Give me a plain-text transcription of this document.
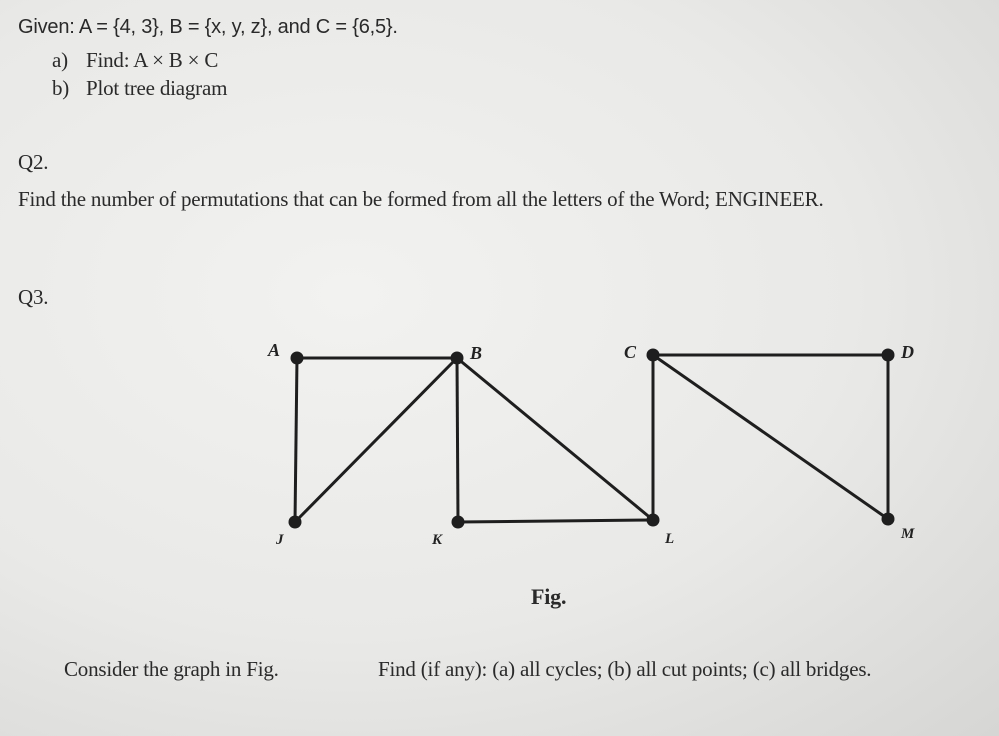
Given: A = {4, 3}, B = {x, y, z}, and C = {6,5}.
a) Find: A × B × C
b) Plot tree diagram
Q2.
Find the number of permutations that can be formed from all the letters of the Word; ENGINEER.
Q3.
A	B	C	D
J	K	L	M
Fig.
Consider the graph in Fig.	Find (if any): (a) all cycles; (b) all cut points; (c) all bridges.
